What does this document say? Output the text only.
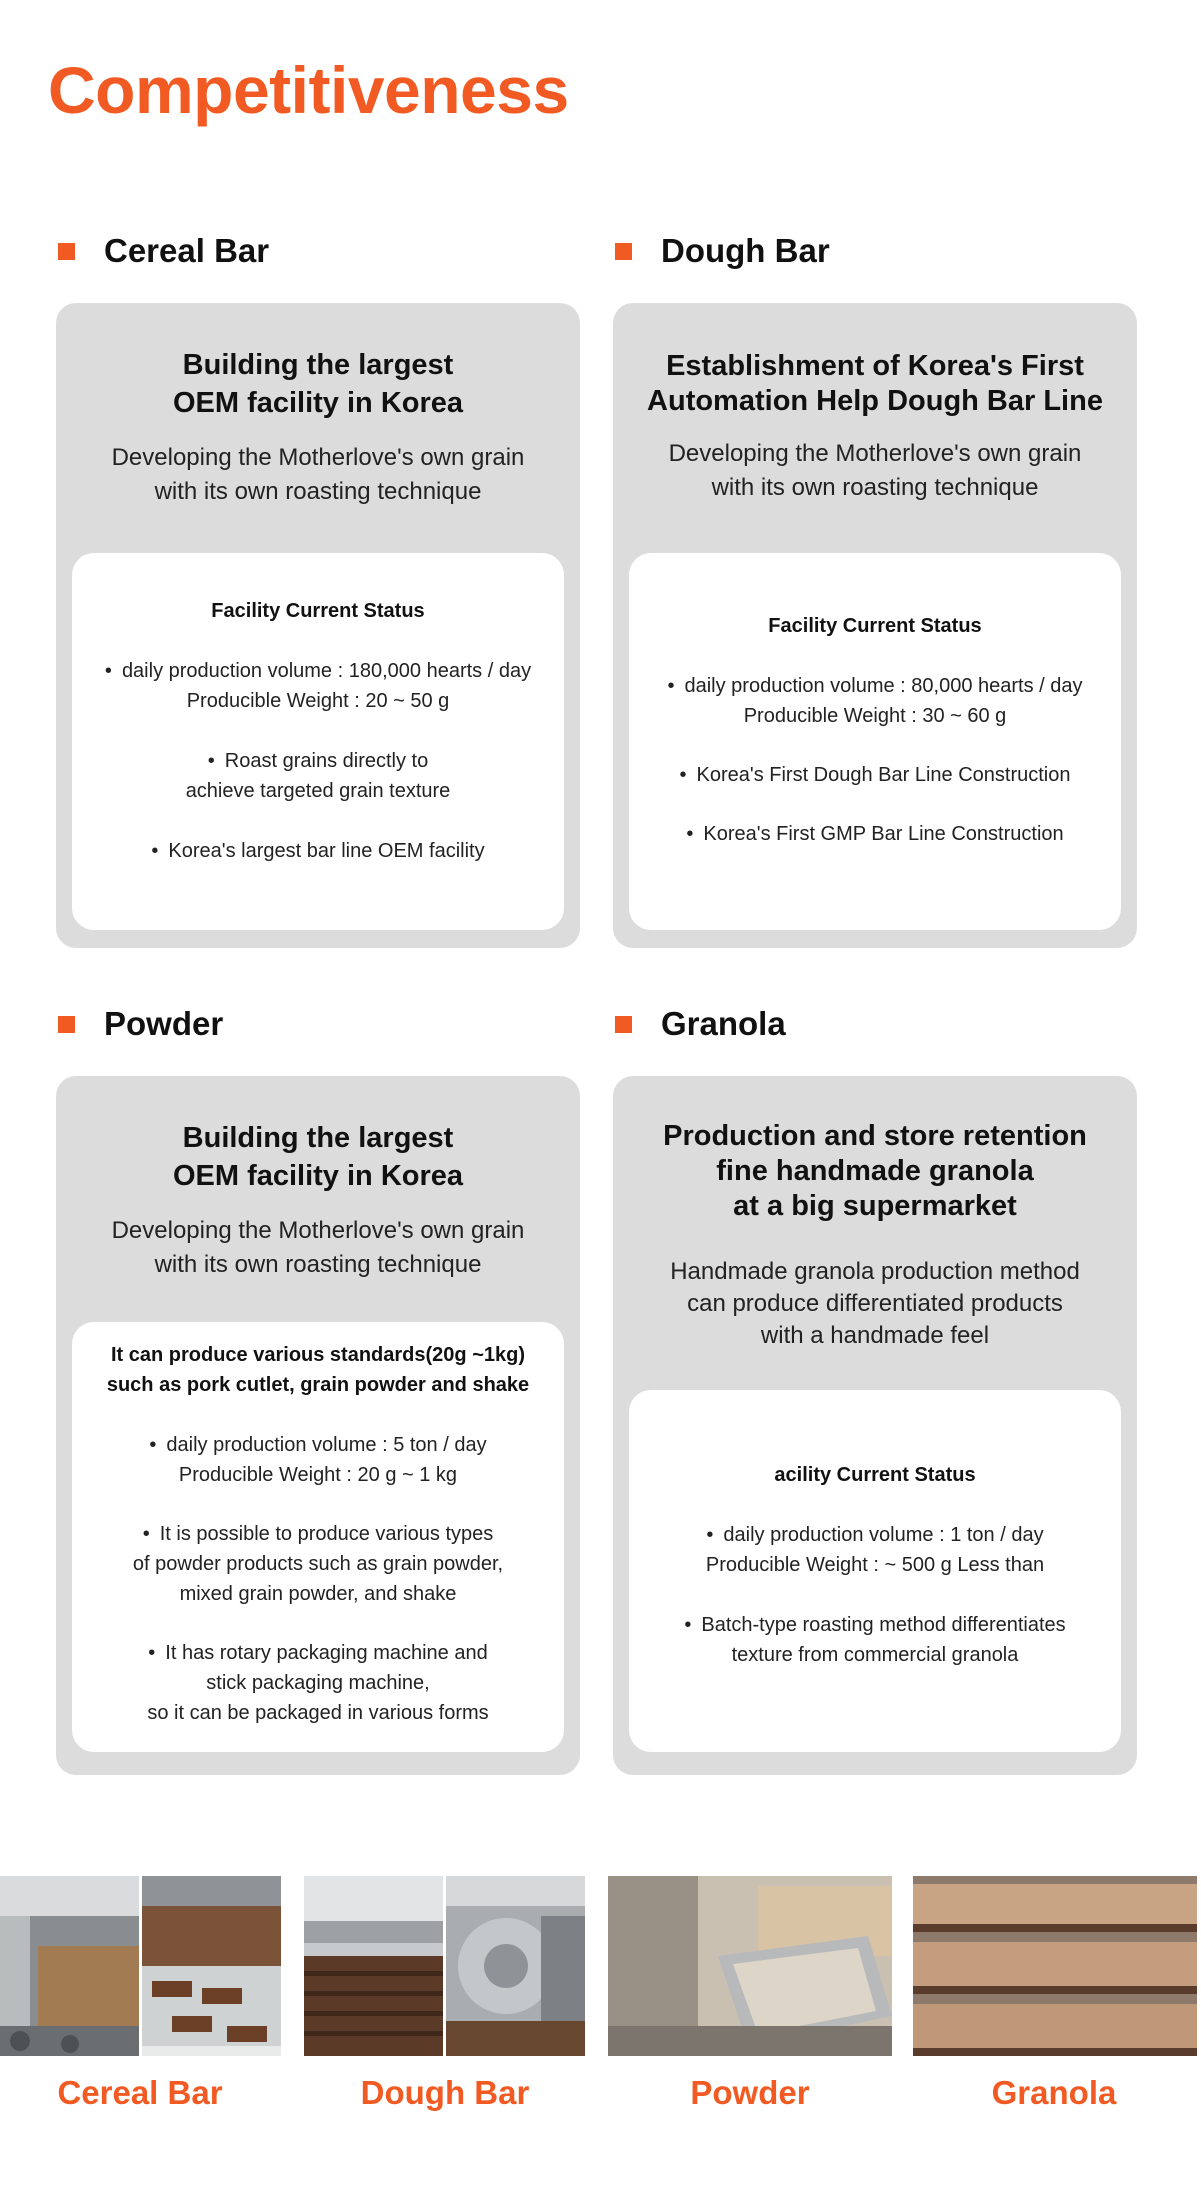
Competitiveness
Cereal Bar
Building the largest
OEM facility in Korea
Developing the Motherlove's own grain
with its own roasting technique
Facility Current Status
• daily production volume : 180,000 hearts / day
Producible Weight : 20 ~ 50 g
• Roast grains directly to
achieve targeted grain texture
• Korea's largest bar line OEM facility
Dough Bar
Establishment of Korea's First
Automation Help Dough Bar Line
Developing the Motherlove's own grain
with its own roasting technique
Facility Current Status
• daily production volume : 80,000 hearts / day
Producible Weight : 30 ~ 60 g
• Korea's First Dough Bar Line Construction
• Korea's First GMP Bar Line Construction
Powder
Building the largest
OEM facility in Korea
Developing the Motherlove's own grain
with its own roasting technique
It can produce various standards(20g ~1kg)
such as pork cutlet, grain powder and shake
• daily production volume : 5 ton / day
Producible Weight : 20 g ~ 1 kg
• It is possible to produce various types
of powder products such as grain powder,
mixed grain powder, and shake
• It has rotary packaging machine and
stick packaging machine,
so it can be packaged in various forms
Granola
Production and store retention
fine handmade granola
at a big supermarket
Handmade granola production method
can produce differentiated products
with a handmade feel
acility Current Status
• daily production volume : 1 ton / day
Producible Weight : ~ 500 g Less than
• Batch-type roasting method differentiates
texture from commercial granola
Cereal Bar	Dough Bar	Powder	Granola
